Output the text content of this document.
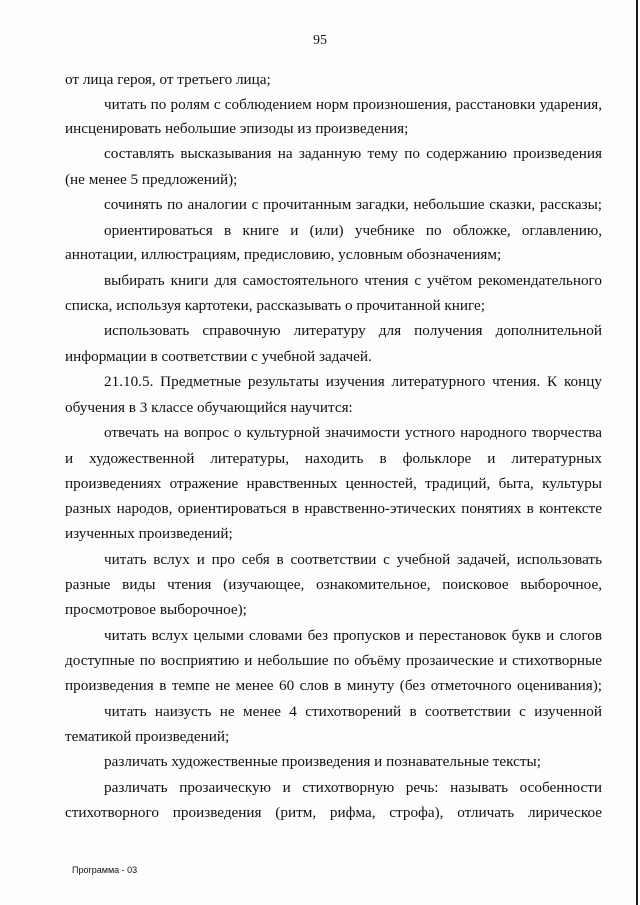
95
от лица героя, от третьего лица;
читать по ролям с соблюдением норм произношения, расстановки ударения,
инсценировать небольшие эпизоды из произведения;
составлять высказывания на заданную тему по содержанию произведения
(не менее 5 предложений);
сочинять по аналогии с прочитанным загадки, небольшие сказки, рассказы;
ориентироваться в книге и (или) учебнике по обложке, оглавлению,
аннотации, иллюстрациям, предисловию, условным обозначениям;
выбирать книги для самостоятельного чтения с учётом рекомендательного
списка, используя картотеки, рассказывать о прочитанной книге;
использовать справочную литературу для получения дополнительной
информации в соответствии с учебной задачей.
21.10.5. Предметные результаты изучения литературного чтения. К концу
обучения в 3 классе обучающийся научится:
отвечать на вопрос о культурной значимости устного народного творчества
и художественной литературы, находить в фольклоре и литературных
произведениях отражение нравственных ценностей, традиций, быта, культуры
разных народов, ориентироваться в нравственно-этических понятиях в контексте
изученных произведений;
читать вслух и про себя в соответствии с учебной задачей, использовать
разные виды чтения (изучающее, ознакомительное, поисковое выборочное,
просмотровое выборочное);
читать вслух целыми словами без пропусков и перестановок букв и слогов
доступные по восприятию и небольшие по объёму прозаические и стихотворные
произведения в темпе не менее 60 слов в минуту (без отметочного оценивания);
читать наизусть не менее 4 стихотворений в соответствии с изученной
тематикой произведений;
различать художественные произведения и познавательные тексты;
различать прозаическую и стихотворную речь: называть особенности
стихотворного произведения (ритм, рифма, строфа), отличать лирическое
Программа - 03
